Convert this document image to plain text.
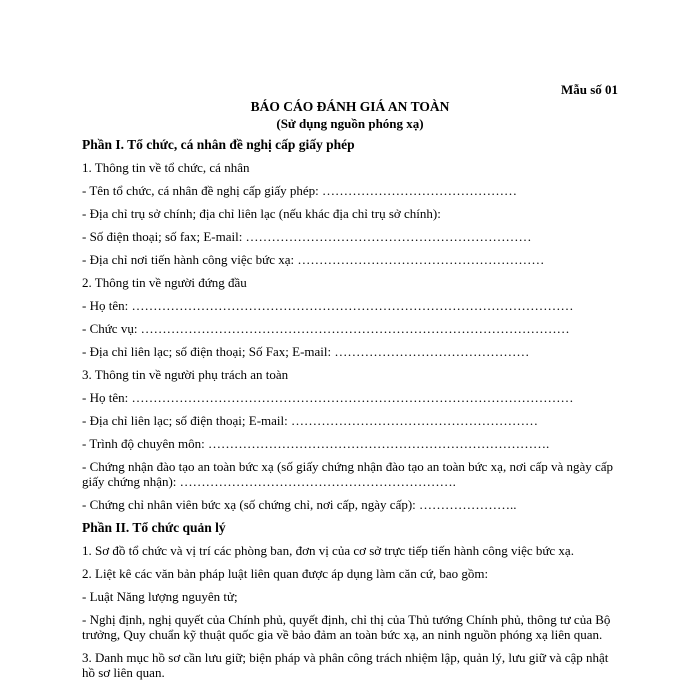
Mẫu số 01
BÁO CÁO ĐÁNH GIÁ AN TOÀN
(Sử dụng nguồn phóng xạ)

Phần I. Tổ chức, cá nhân đề nghị cấp giấy phép

1. Thông tin về tổ chức, cá nhân

- Tên tổ chức, cá nhân đề nghị cấp giấy phép: ………………………………………

- Địa chỉ trụ sở chính; địa chỉ liên lạc (nếu khác địa chỉ trụ sở chính):

- Số điện thoại; số fax; E-mail: …………………………………………………………

- Địa chỉ nơi tiến hành công việc bức xạ: …………………………………………………

2. Thông tin về người đứng đầu

- Họ tên: …………………………………………………………………………………………

- Chức vụ: ………………………………………………………………………………………

- Địa chỉ liên lạc; số điện thoại; Số Fax; E-mail: ………………………………………

3. Thông tin về người phụ trách an toàn

- Họ tên: …………………………………………………………………………………………

- Địa chỉ liên lạc; số điện thoại; E-mail: …………………………………………………

- Trình độ chuyên môn: …………………………………………………………………….

- Chứng nhận đào tạo an toàn bức xạ (số giấy chứng nhận đào tạo an toàn bức xạ, nơi cấp và ngày cấp giấy chứng nhận): ……………………………………………………….

- Chứng chỉ nhân viên bức xạ (số chứng chỉ, nơi cấp, ngày cấp): …………………..

Phần II. Tổ chức quản lý

1. Sơ đồ tổ chức và vị trí các phòng ban, đơn vị của cơ sở trực tiếp tiến hành công việc bức xạ.

2. Liệt kê các văn bản pháp luật liên quan được áp dụng làm căn cứ, bao gồm:

- Luật Năng lượng nguyên tử;

- Nghị định, nghị quyết của Chính phủ, quyết định, chỉ thị của Thủ tướng Chính phủ, thông tư của Bộ trưởng, Quy chuẩn kỹ thuật quốc gia về bảo đảm an toàn bức xạ, an ninh nguồn phóng xạ liên quan.

3. Danh mục hồ sơ cần lưu giữ; biện pháp và phân công trách nhiệm lập, quản lý, lưu giữ và cập nhật hồ sơ liên quan.
